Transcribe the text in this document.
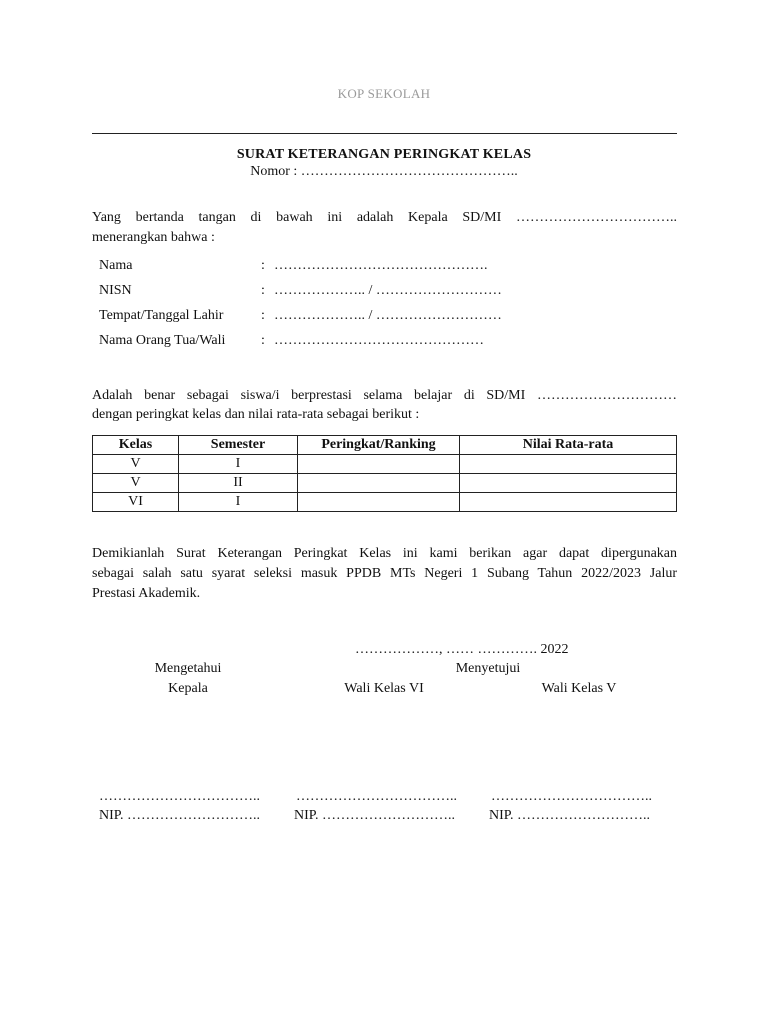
KOP SEKOLAH
SURAT KETERANGAN PERINGKAT KELAS
Nomor : ………………………………………..
Yang bertanda tangan di bawah ini adalah Kepala SD/MI ……………………………..
menerangkan bahwa :
Nama	: ……………………………………….
NISN	: ……………….. / ………………………
Tempat/Tanggal Lahir	: ……………….. / ………………………
Nama Orang Tua/Wali	: ………………………………………
Adalah benar sebagai siswa/i berprestasi selama belajar di SD/MI …………………………
dengan peringkat kelas dan nilai rata-rata sebagai berikut :
Kelas	Semester	Peringkat/Ranking	Nilai Rata-rata
V	I		
V	II		
VI	I		
Demikianlah Surat Keterangan Peringkat Kelas ini kami berikan agar dapat dipergunakan
sebagai salah satu syarat seleksi masuk PPDB MTs Negeri 1 Subang Tahun 2022/2023 Jalur
Prestasi Akademik.
………………, …… …………. 2022
Mengetahui	Menyetujui
Kepala	Wali Kelas VI	Wali Kelas V
……………………………..	…………………………….. ……………………………..
NIP. ……………………….. NIP. ……………………….. NIP. ………………………..
